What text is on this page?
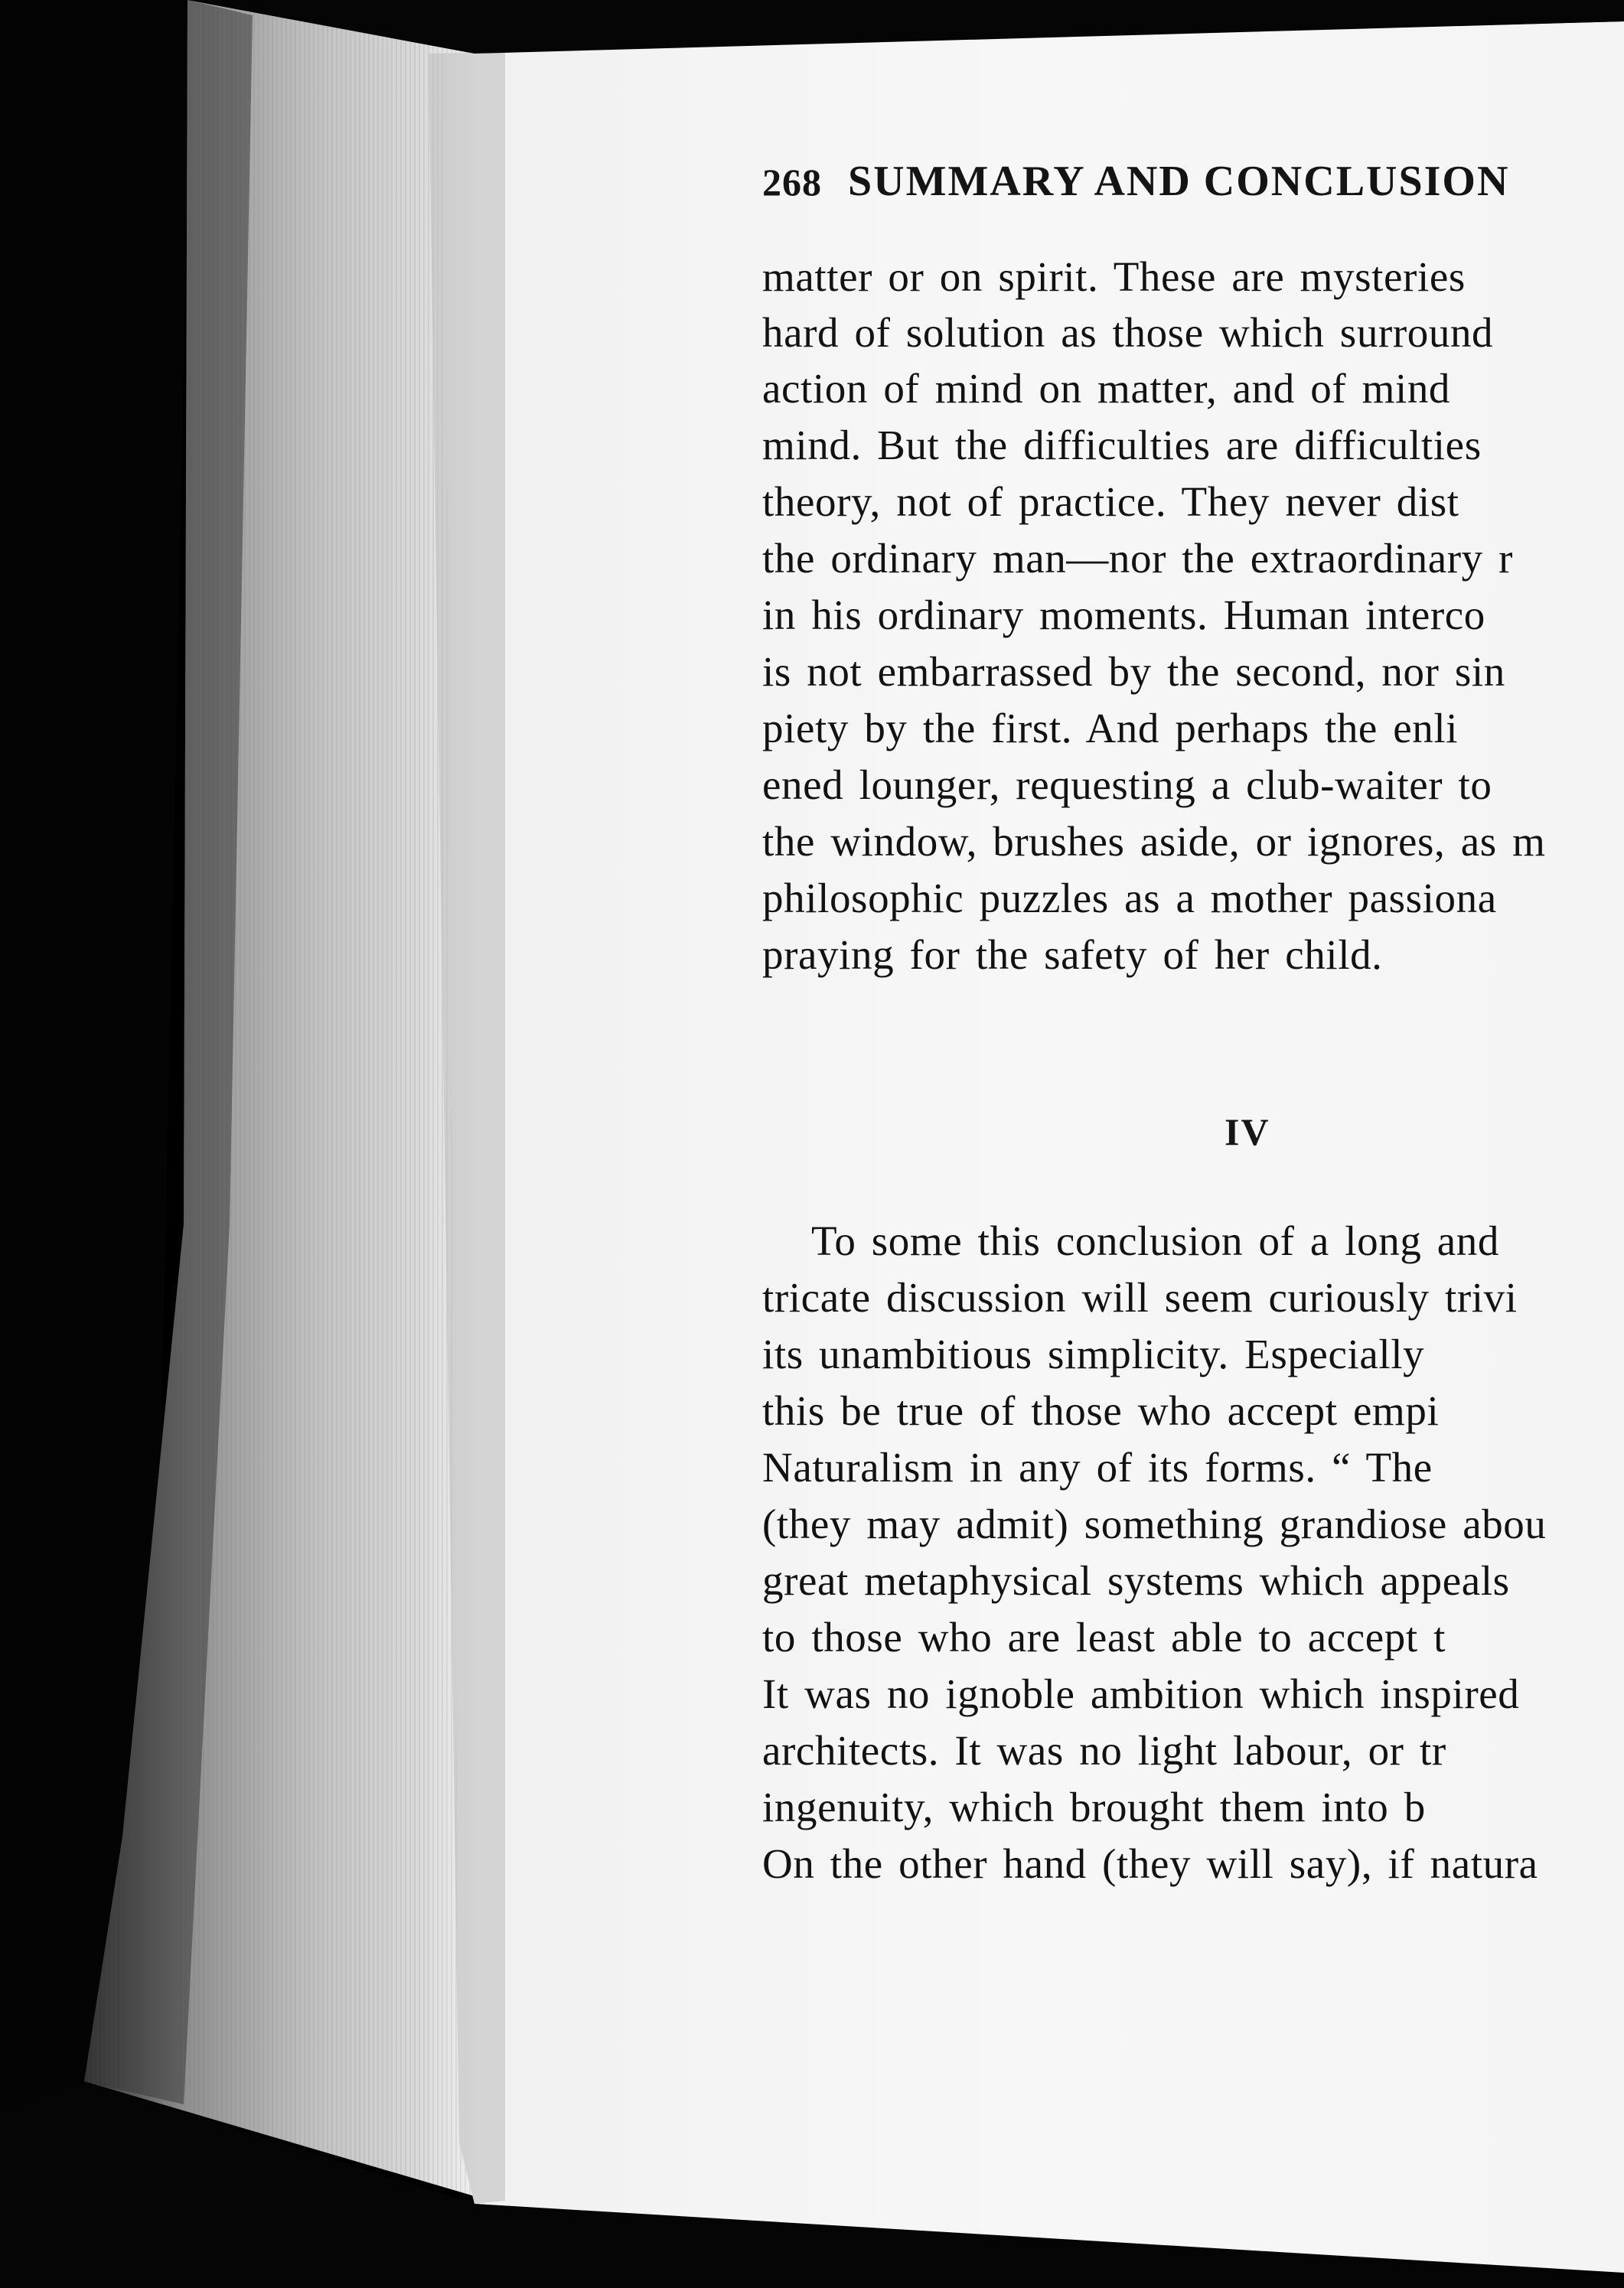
268 SUMMARY AND CONCLUSION
matter or on spirit. These are mysteries
hard of solution as those which surround
action of mind on matter, and of mind
mind. But the difficulties are difficulties
theory, not of practice. They never dist
the ordinary man—nor the extraordinary r
in his ordinary moments. Human interco
is not embarrassed by the second, nor sin
piety by the first. And perhaps the enli
ened lounger, requesting a club-waiter to
the window, brushes aside, or ignores, as m
philosophic puzzles as a mother passiona
praying for the safety of her child.
IV
To some this conclusion of a long and
tricate discussion will seem curiously trivi
its unambitious simplicity. Especially
this be true of those who accept empi
Naturalism in any of its forms. “ The
(they may admit) something grandiose abou
great metaphysical systems which appeals
to those who are least able to accept t
It was no ignoble ambition which inspired
architects. It was no light labour, or tr
ingenuity, which brought them into b
On the other hand (they will say), if natura
